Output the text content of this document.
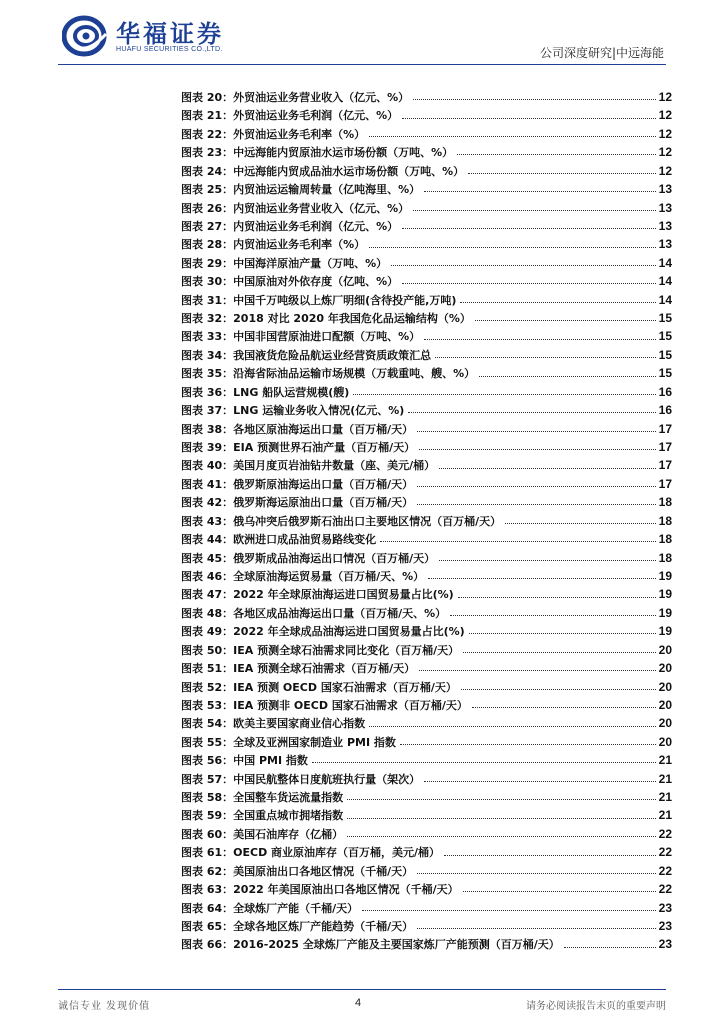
华福证券
HUAFU SECURITIES CO.,LTD.	公司深度研究|中远海能
图表 20：外贸油运业务营业收入（亿元、%）	12
图表 21：外贸油运业务毛利润（亿元、%）	12
图表 22：外贸油运业务毛利率（%）	12
图表 23：中远海能内贸原油水运市场份额（万吨、%）	12
图表 24：中远海能内贸成品油水运市场份额（万吨、%）	12
图表 25：内贸油运运输周转量（亿吨海里、%）	13
图表 26：内贸油运业务营业收入（亿元、%）	13
图表 27：内贸油运业务毛利润（亿元、%）	13
图表 28：内贸油运业务毛利率（%）	13
图表 29：中国海洋原油产量（万吨、%）	14
图表 30：中国原油对外依存度（亿吨、%）	14
图表 31：中国千万吨级以上炼厂明细(含待投产能,万吨)	14
图表 32：2018 对比 2020 年我国危化品运输结构（%）	15
图表 33：中国非国营原油进口配额（万吨、%）	15
图表 34：我国液货危险品航运业经营资质政策汇总	15
图表 35：沿海省际油品运输市场规模（万载重吨、艘、%）	15
图表 36：LNG 船队运营规模(艘)	16
图表 37：LNG 运输业务收入情况(亿元、%)	16
图表 38：各地区原油海运出口量（百万桶/天）	17
图表 39：EIA 预测世界石油产量（百万桶/天）	17
图表 40：美国月度页岩油钻井数量（座、美元/桶）	17
图表 41：俄罗斯原油海运出口量（百万桶/天）	17
图表 42：俄罗斯海运原油出口量（百万桶/天）	18
图表 43：俄乌冲突后俄罗斯石油出口主要地区情况（百万桶/天）	18
图表 44：欧洲进口成品油贸易路线变化	18
图表 45：俄罗斯成品油海运出口情况（百万桶/天）	18
图表 46：全球原油海运贸易量（百万桶/天、%）	19
图表 47：2022 年全球原油海运进口国贸易量占比(%)	19
图表 48：各地区成品油海运出口量（百万桶/天、%）	19
图表 49：2022 年全球成品油海运进口国贸易量占比(%)	19
图表 50：IEA 预测全球石油需求同比变化（百万桶/天）	20
图表 51：IEA 预测全球石油需求（百万桶/天）	20
图表 52：IEA 预测 OECD 国家石油需求（百万桶/天）	20
图表 53：IEA 预测非 OECD 国家石油需求（百万桶/天）	20
图表 54：欧美主要国家商业信心指数	20
图表 55：全球及亚洲国家制造业 PMI 指数	20
图表 56：中国 PMI 指数	21
图表 57：中国民航整体日度航班执行量（架次）	21
图表 58：全国整车货运流量指数	21
图表 59：全国重点城市拥堵指数	21
图表 60：美国石油库存（亿桶）	22
图表 61：OECD 商业原油库存（百万桶，美元/桶）	22
图表 62：美国原油出口各地区情况（千桶/天）	22
图表 63：2022 年美国原油出口各地区情况（千桶/天）	22
图表 64：全球炼厂产能（千桶/天）	23
图表 65：全球各地区炼厂产能趋势（千桶/天）	23
图表 66：2016-2025 全球炼厂产能及主要国家炼厂产能预测（百万桶/天）	23
诚信专业 发现价值	4	请务必阅读报告末页的重要声明
